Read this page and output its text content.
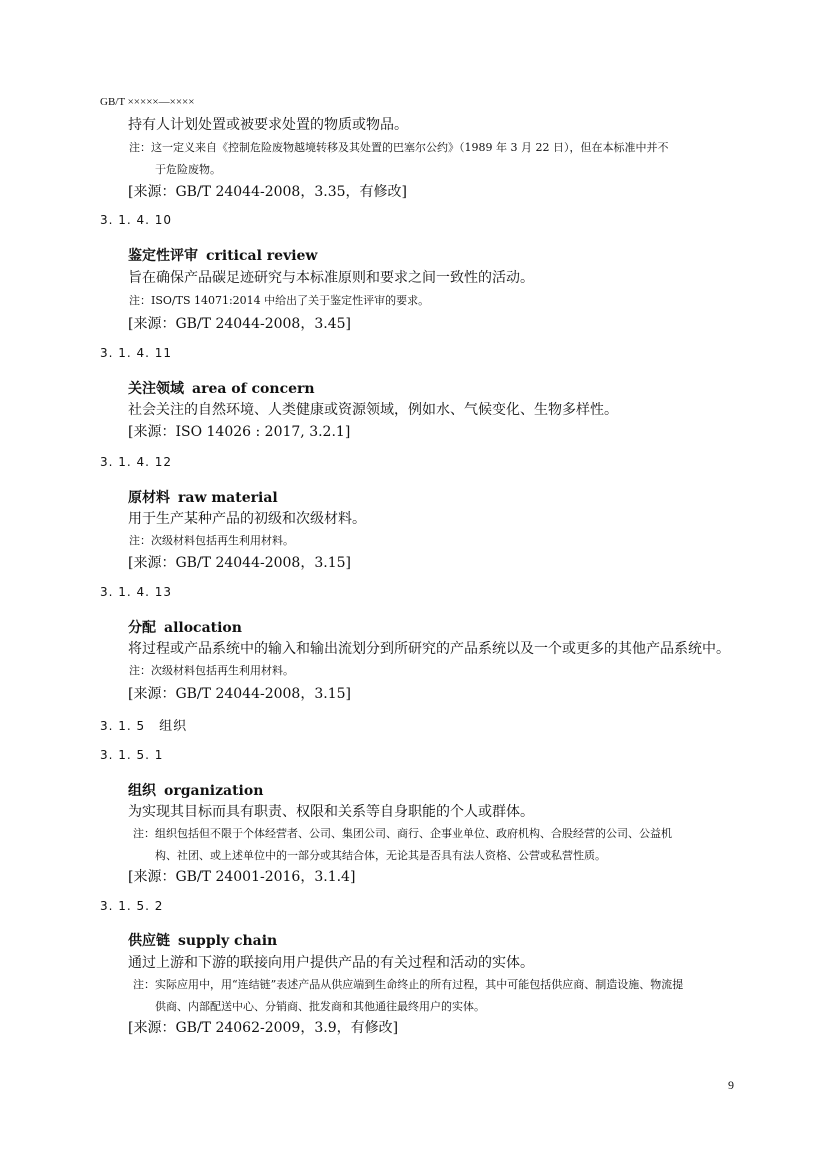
GB/T ×××××—××××
持有人计划处置或被要求处置的物质或物品。
注：这一定义来自《控制危险废物越境转移及其处置的巴塞尔公约》（1989 年 3 月 22 日），但在本标准中并不
于危险废物。
[来源：GB/T 24044-2008，3.35，有修改]
3. 1. 4. 10
鉴定性评审 critical review
旨在确保产品碳足迹研究与本标准原则和要求之间一致性的活动。
注：ISO/TS 14071:2014 中给出了关于鉴定性评审的要求。
[来源：GB/T 24044-2008，3.45]
3. 1. 4. 11
关注领域 area of concern
社会关注的自然环境、人类健康或资源领域，例如水、气候变化、生物多样性。
[来源：ISO 14026 : 2017, 3.2.1]
3. 1. 4. 12
原材料 raw material
用于生产某种产品的初级和次级材料。
注：次级材料包括再生利用材料。
[来源：GB/T 24044-2008，3.15]
3. 1. 4. 13
分配 allocation
将过程或产品系统中的输入和输出流划分到所研究的产品系统以及一个或更多的其他产品系统中。
注：次级材料包括再生利用材料。
[来源：GB/T 24044-2008，3.15]
3. 1. 5 组织
3. 1. 5. 1
组织 organization
为实现其目标而具有职责、权限和关系等自身职能的个人或群体。
注：组织包括但不限于个体经营者、公司、集团公司、商行、企事业单位、政府机构、合股经营的公司、公益机
构、社团、或上述单位中的一部分或其结合体，无论其是否具有法人资格、公营或私营性质。
[来源：GB/T 24001-2016，3.1.4]
3. 1. 5. 2
供应链 supply chain
通过上游和下游的联接向用户提供产品的有关过程和活动的实体。
注：实际应用中，用“连结链”表述产品从供应端到生命终止的所有过程，其中可能包括供应商、制造设施、物流提
供商、内部配送中心、分销商、批发商和其他通往最终用户的实体。
[来源：GB/T 24062-2009，3.9，有修改]
9
